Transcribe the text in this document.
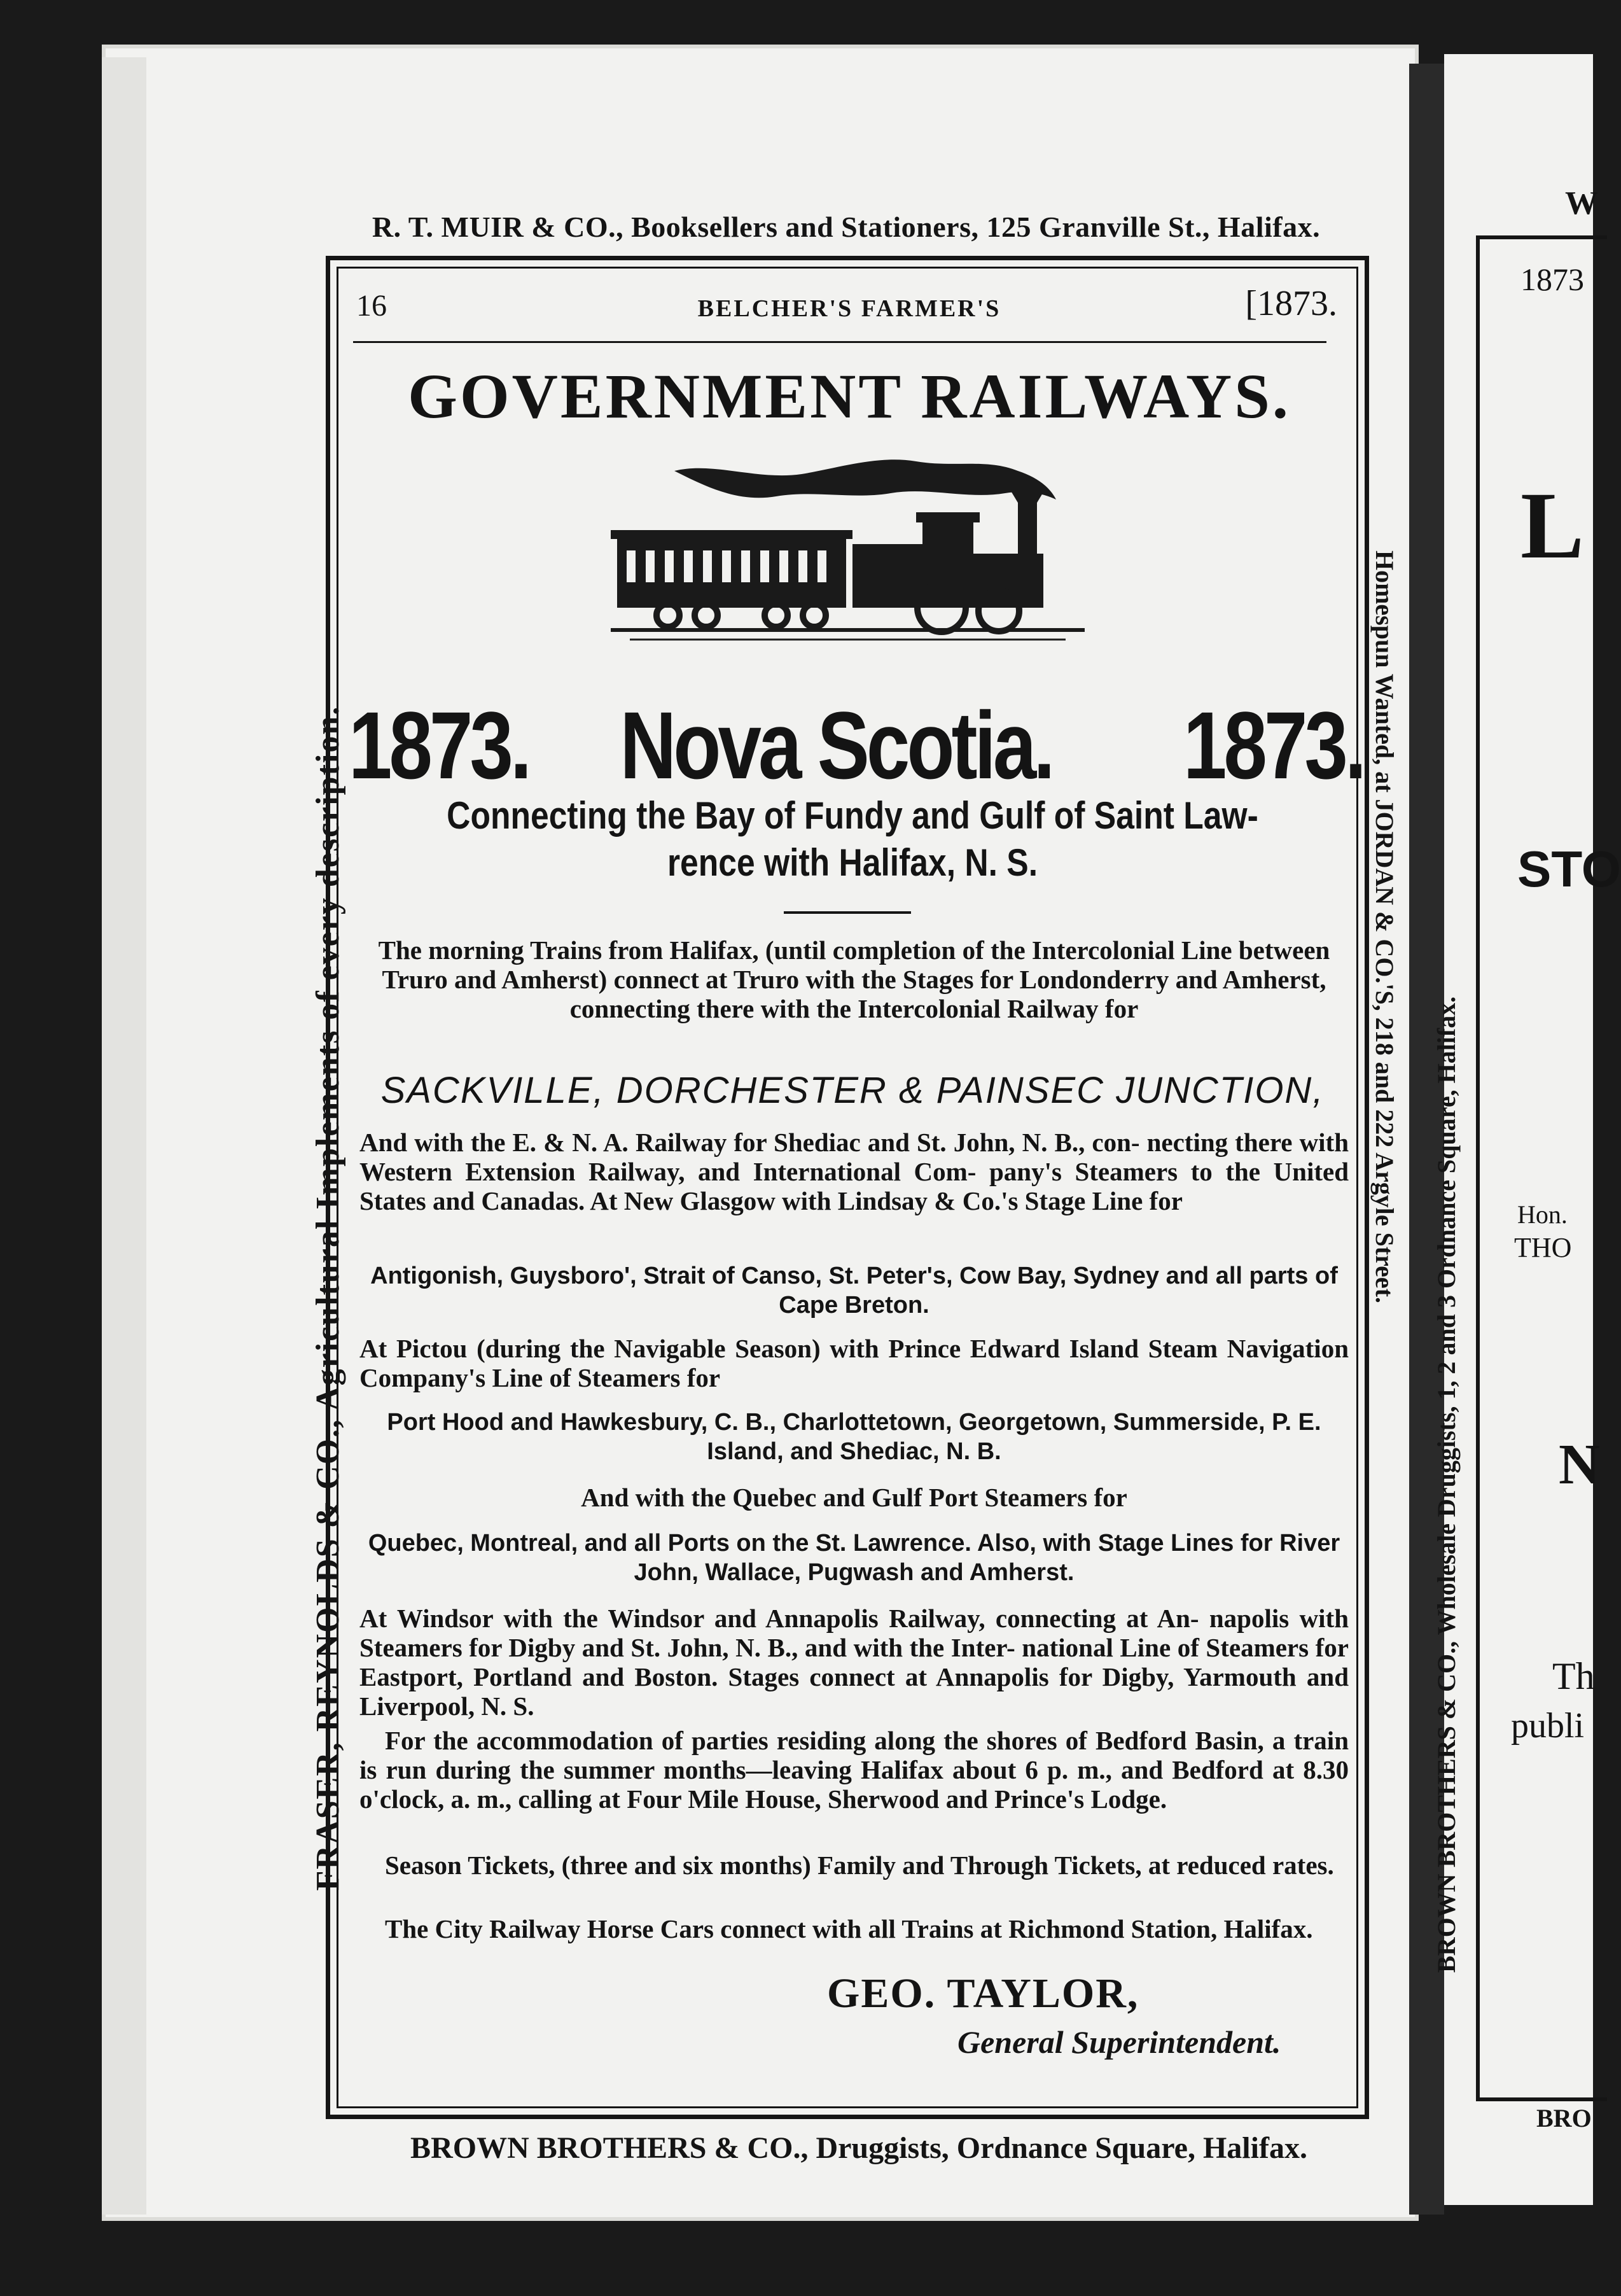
R. T. MUIR & CO., Booksellers and Stationers, 125 Granville St., Halifax.
FRASER, REYNOLDS & CO., Agricultural Implements of every description.	Homespun Wanted, at JORDAN & CO.'S, 218 and 222 Argyle Street.
16	BELCHER'S FARMER'S	[1873.
GOVERNMENT RAILWAYS.
1873. Nova Scotia. 1873.
Connecting the Bay of Fundy and Gulf of Saint Law- rence with Halifax, N. S.
The morning Trains from Halifax, (until completion of the Intercolonial Line between Truro and Amherst) connect at Truro with the Stages for Londonderry and Amherst, connecting there with the Intercolonial Railway for
SACKVILLE, DORCHESTER & PAINSEC JUNCTION,
And with the E. & N. A. Railway for Shediac and St. John, N. B., con- necting there with Western Extension Railway, and International Com- pany's Steamers to the United States and Canadas. At New Glasgow with Lindsay & Co.'s Stage Line for
Antigonish, Guysboro', Strait of Canso, St. Peter's, Cow Bay, Sydney and all parts of Cape Breton.
At Pictou (during the Navigable Season) with Prince Edward Island Steam Navigation Company's Line of Steamers for
Port Hood and Hawkesbury, C. B., Charlottetown, Georgetown, Summerside, P. E. Island, and Shediac, N. B.
And with the Quebec and Gulf Port Steamers for
Quebec, Montreal, and all Ports on the St. Lawrence. Also, with Stage Lines for River John, Wallace, Pugwash and Amherst.
At Windsor with the Windsor and Annapolis Railway, connecting at An- napolis with Steamers for Digby and St. John, N. B., and with the Inter- national Line of Steamers for Eastport, Portland and Boston. Stages connect at Annapolis for Digby, Yarmouth and Liverpool, N. S.
For the accommodation of parties residing along the shores of Bedford Basin, a train is run during the summer months—leaving Halifax about 6 p. m., and Bedford at 8.30 o'clock, a. m., calling at Four Mile House, Sherwood and Prince's Lodge.
Season Tickets, (three and six months) Family and Through Tickets, at reduced rates.
The City Railway Horse Cars connect with all Trains at Richmond Station, Halifax.
GEO. TAYLOR,
General Superintendent.
BROWN BROTHERS & CO., Druggists, Ordnance Square, Halifax.
W
1873
BROWN BROTHERS & CO., Wholesale Druggists, 1, 2 and 3 Ordnance Square, Halifax.
L
STO
Hon.
THO
N
Th
publi
BRO
